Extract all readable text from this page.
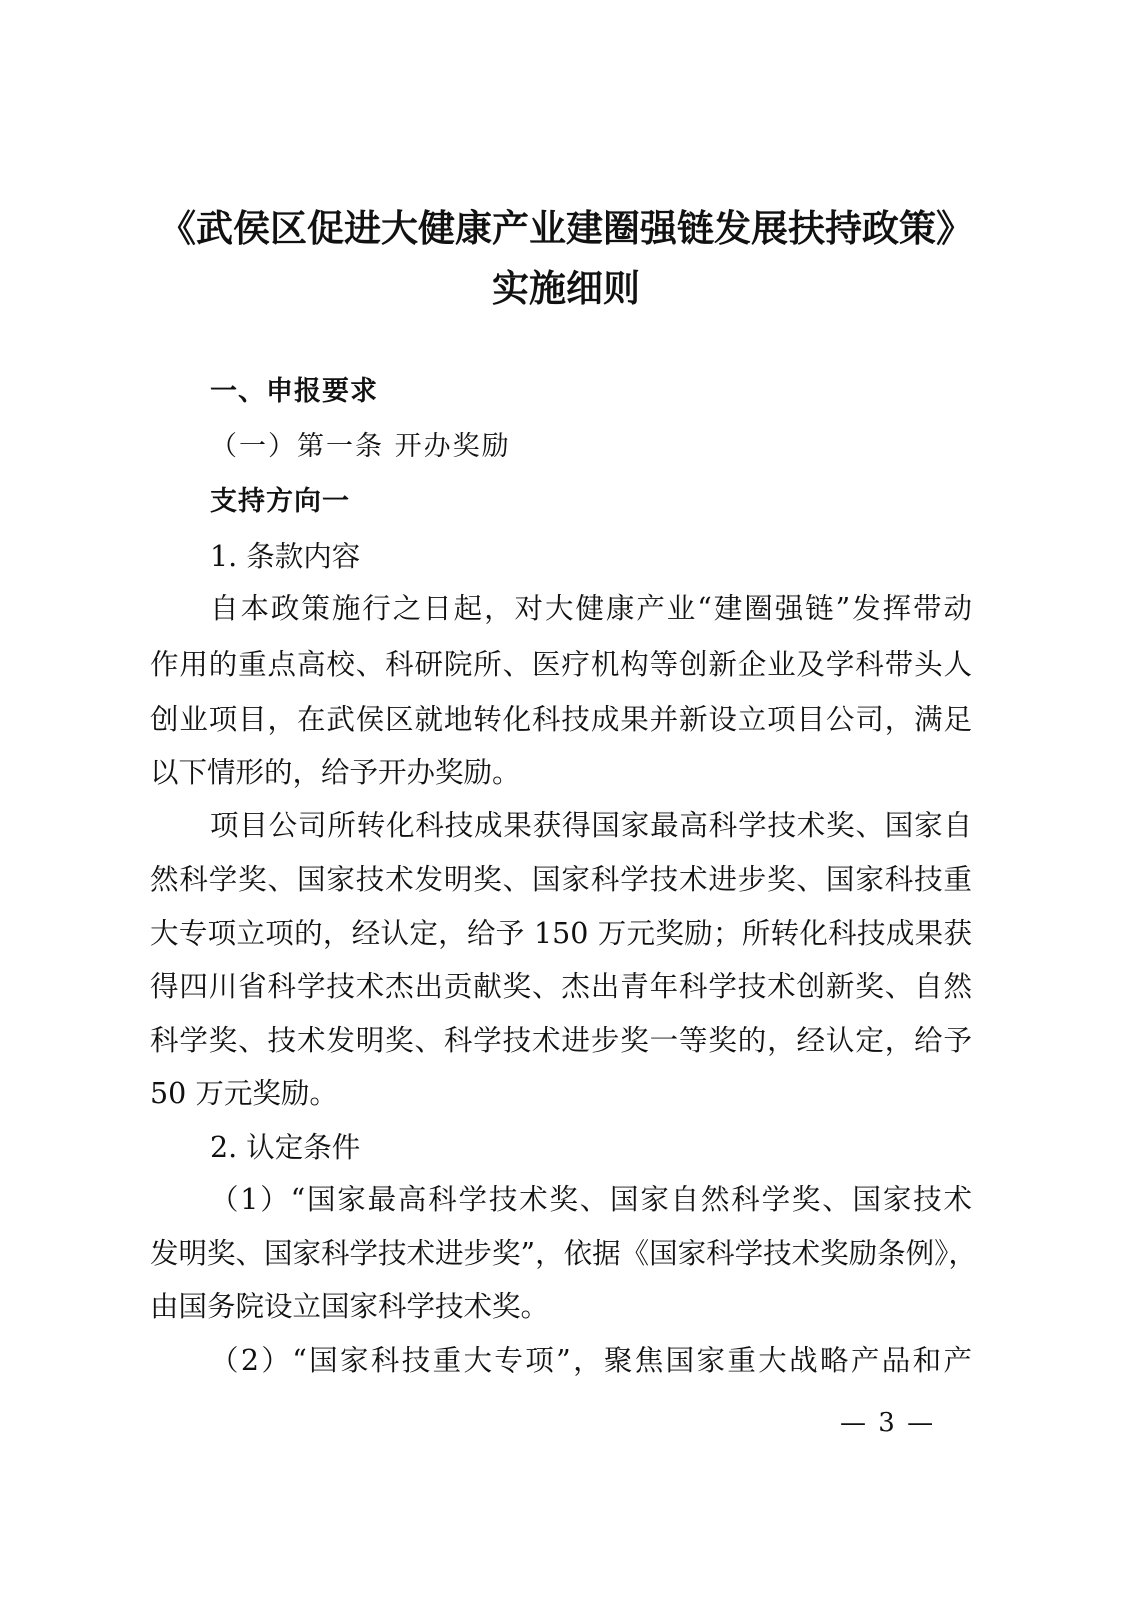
《武侯区促进大健康产业建圈强链发展扶持政策》
实施细则
一、申报要求
（一）第一条 开办奖励
支持方向一
1. 条款内容
自本政策施行之日起，对大健康产业“建圈强链”发挥带动
作用的重点高校、科研院所、医疗机构等创新企业及学科带头人
创业项目，在武侯区就地转化科技成果并新设立项目公司，满足
以下情形的，给予开办奖励。
项目公司所转化科技成果获得国家最高科学技术奖、国家自
然科学奖、国家技术发明奖、国家科学技术进步奖、国家科技重
大专项立项的，经认定，给予 150 万元奖励；所转化科技成果获
得四川省科学技术杰出贡献奖、杰出青年科学技术创新奖、自然
科学奖、技术发明奖、科学技术进步奖一等奖的，经认定，给予
50 万元奖励。
2. 认定条件
（1）“国家最高科学技术奖、国家自然科学奖、国家技术
发明奖、国家科学技术进步奖”，依据《国家科学技术奖励条例》，
由国务院设立国家科学技术奖。
（2）“国家科技重大专项”，聚焦国家重大战略产品和产
— 3 —
